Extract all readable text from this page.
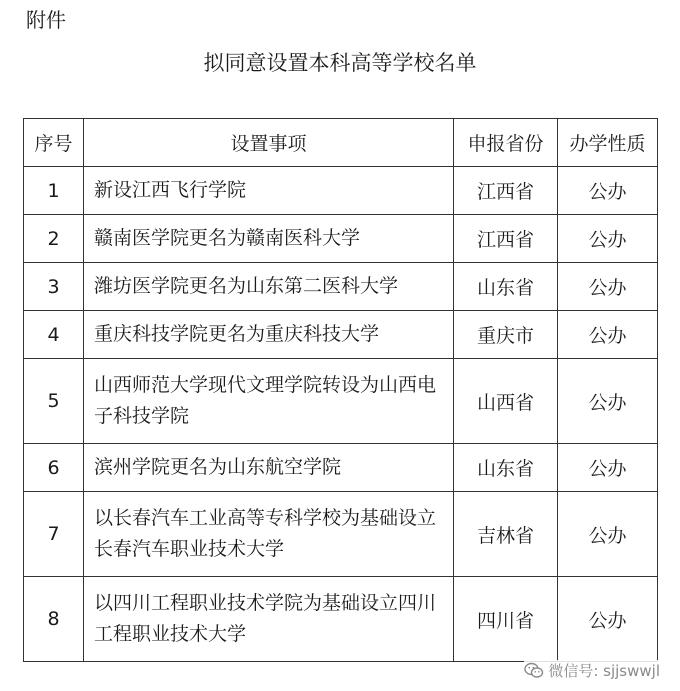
附件
拟同意设置本科高等学校名单
序号	设置事项	申报省份	办学性质
1	新设江西飞行学院	江西省	公办
2	赣南医学院更名为赣南医科大学	江西省	公办
3	潍坊医学院更名为山东第二医科大学	山东省	公办
4	重庆科技学院更名为重庆科技大学	重庆市	公办
5	山西师范大学现代文理学院转设为山西电子科技学院	山西省	公办
6	滨州学院更名为山东航空学院	山东省	公办
7	以长春汽车工业高等专科学校为基础设立长春汽车职业技术大学	吉林省	公办
8	以四川工程职业技术学院为基础设立四川工程职业技术大学	四川省	公办
微信号: sjjswwjl
